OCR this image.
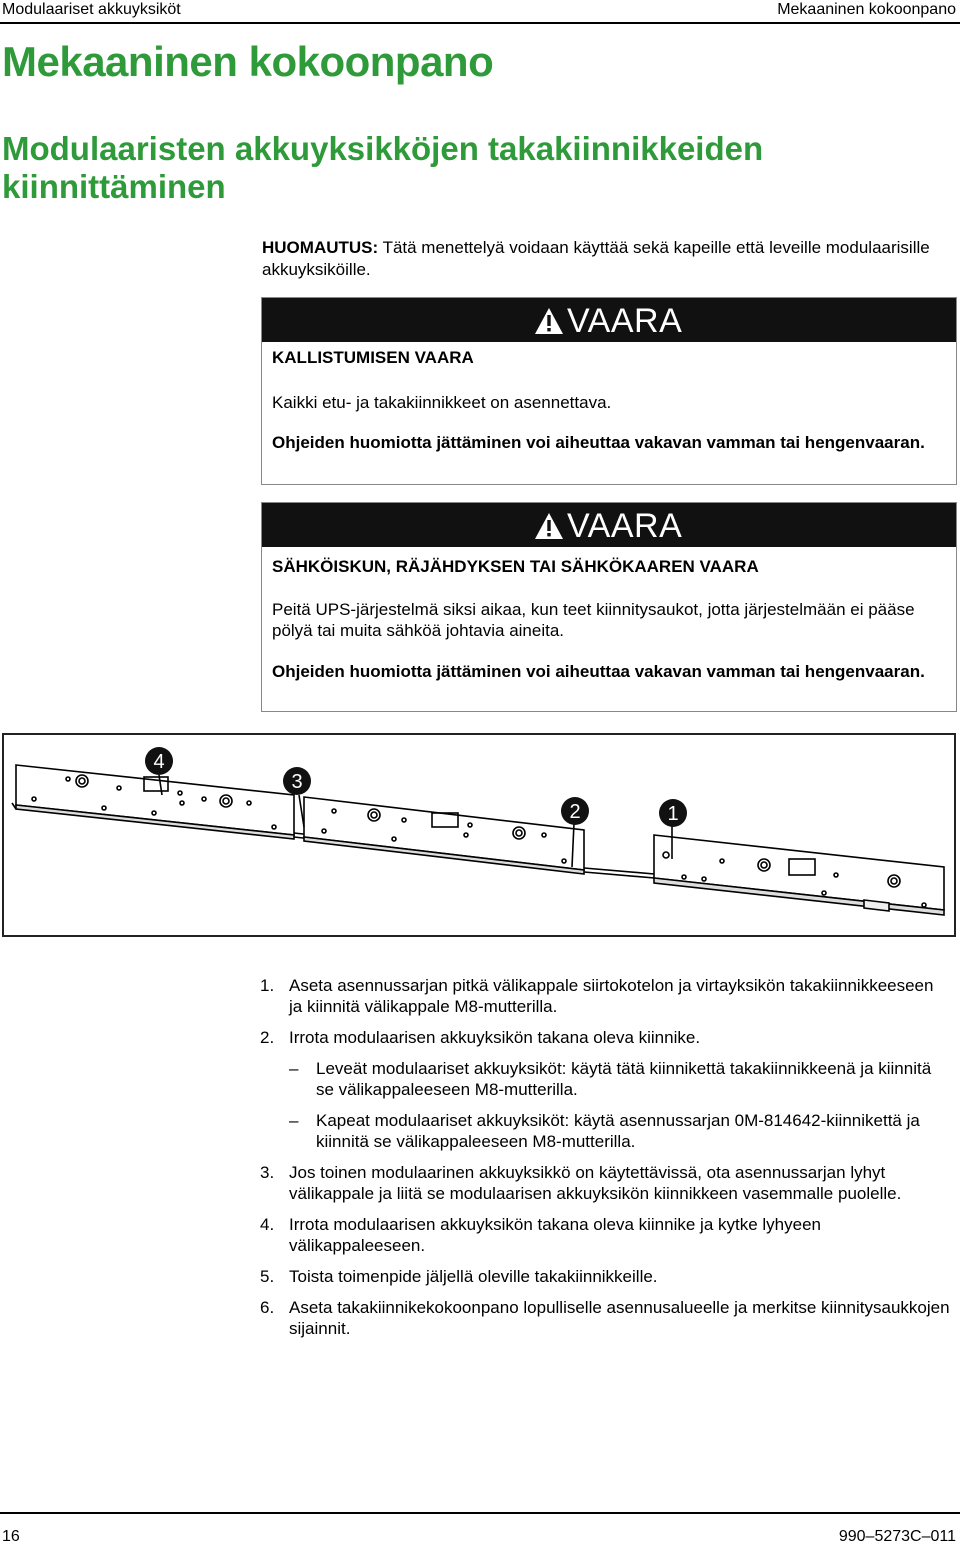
Modulaariset akkuyksiköt	Mekaaninen kokoonpano
Mekaaninen kokoonpano
Modulaaristen akkuyksikköjen takakiinnikkeiden
kiinnittäminen

HUOMAUTUS: Tätä menettelyä voidaan käyttää sekä kapeille että leveille modulaarisille akkuyksiköille.

VAARA
KALLISTUMISEN VAARA
Kaikki etu- ja takakiinnikkeet on asennettava.
Ohjeiden huomiotta jättäminen voi aiheuttaa vakavan vamman tai hengenvaaran.
VAARA
SÄHKÖISKUN, RÄJÄHDYKSEN TAI SÄHKÖKAAREN VAARA
Peitä UPS-järjestelmä siksi aikaa, kun teet kiinnitysaukot, jotta järjestelmään ei pääse pölyä tai muita sähköä johtavia aineita.
Ohjeiden huomiotta jättäminen voi aiheuttaa vakavan vamman tai hengenvaaran.
4
3
2	1
1. Aseta asennussarjan pitkä välikappale siirtokotelon ja virtayksikön takakiinnikkeeseen ja kiinnitä välikappale M8-mutterilla.
2. Irrota modulaarisen akkuyksikön takana oleva kiinnike.
– Leveät modulaariset akkuyksiköt: käytä tätä kiinnikettä takakiinnikkeenä ja kiinnitä se välikappaleeseen M8-mutterilla.
– Kapeat modulaariset akkuyksiköt: käytä asennussarjan 0M-814642-kiinnikettä ja kiinnitä se välikappaleeseen M8-mutterilla.
3. Jos toinen modulaarinen akkuyksikkö on käytettävissä, ota asennussarjan lyhyt välikappale ja liitä se modulaarisen akkuyksikön kiinnikkeen vasemmalle puolelle.
4. Irrota modulaarisen akkuyksikön takana oleva kiinnike ja kytke lyhyeen välikappaleeseen.
5. Toista toimenpide jäljellä oleville takakiinnikkeille.
6. Aseta takakiinnikekokoonpano lopulliselle asennusalueelle ja merkitse kiinnitysaukkojen sijainnit.
16	990–5273C–011
